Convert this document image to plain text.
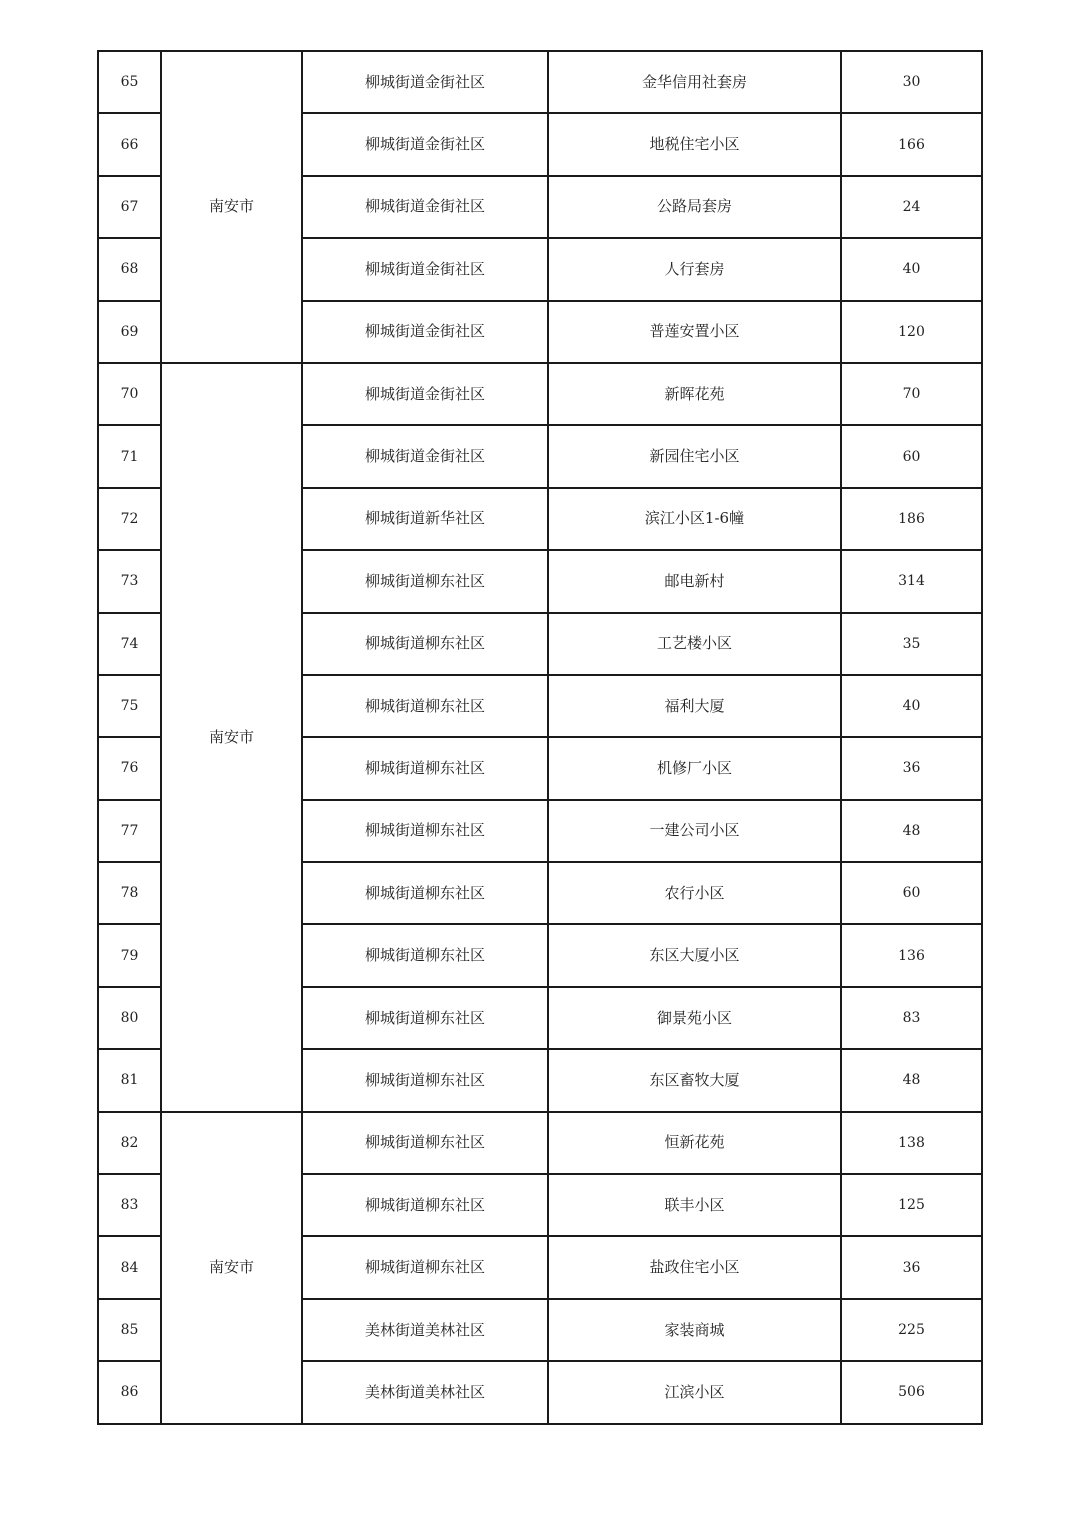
65	南安市	柳城街道金街社区	金华信用社套房	30
66		柳城街道金街社区	地税住宅小区	166
67		柳城街道金街社区	公路局套房	24
68		柳城街道金街社区	人行套房	40
69		柳城街道金街社区	普莲安置小区	120
70	南安市	柳城街道金街社区	新晖花苑	70
71		柳城街道金街社区	新园住宅小区	60
72		柳城街道新华社区	滨江小区1-6幢	186
73		柳城街道柳东社区	邮电新村	314
74		柳城街道柳东社区	工艺楼小区	35
75		柳城街道柳东社区	福利大厦	40
76		柳城街道柳东社区	机修厂小区	36
77		柳城街道柳东社区	一建公司小区	48
78		柳城街道柳东社区	农行小区	60
79		柳城街道柳东社区	东区大厦小区	136
80		柳城街道柳东社区	御景苑小区	83
81		柳城街道柳东社区	东区畜牧大厦	48
82	南安市	柳城街道柳东社区	恒新花苑	138
83		柳城街道柳东社区	联丰小区	125
84		柳城街道柳东社区	盐政住宅小区	36
85		美林街道美林社区	家装商城	225
86		美林街道美林社区	江滨小区	506
